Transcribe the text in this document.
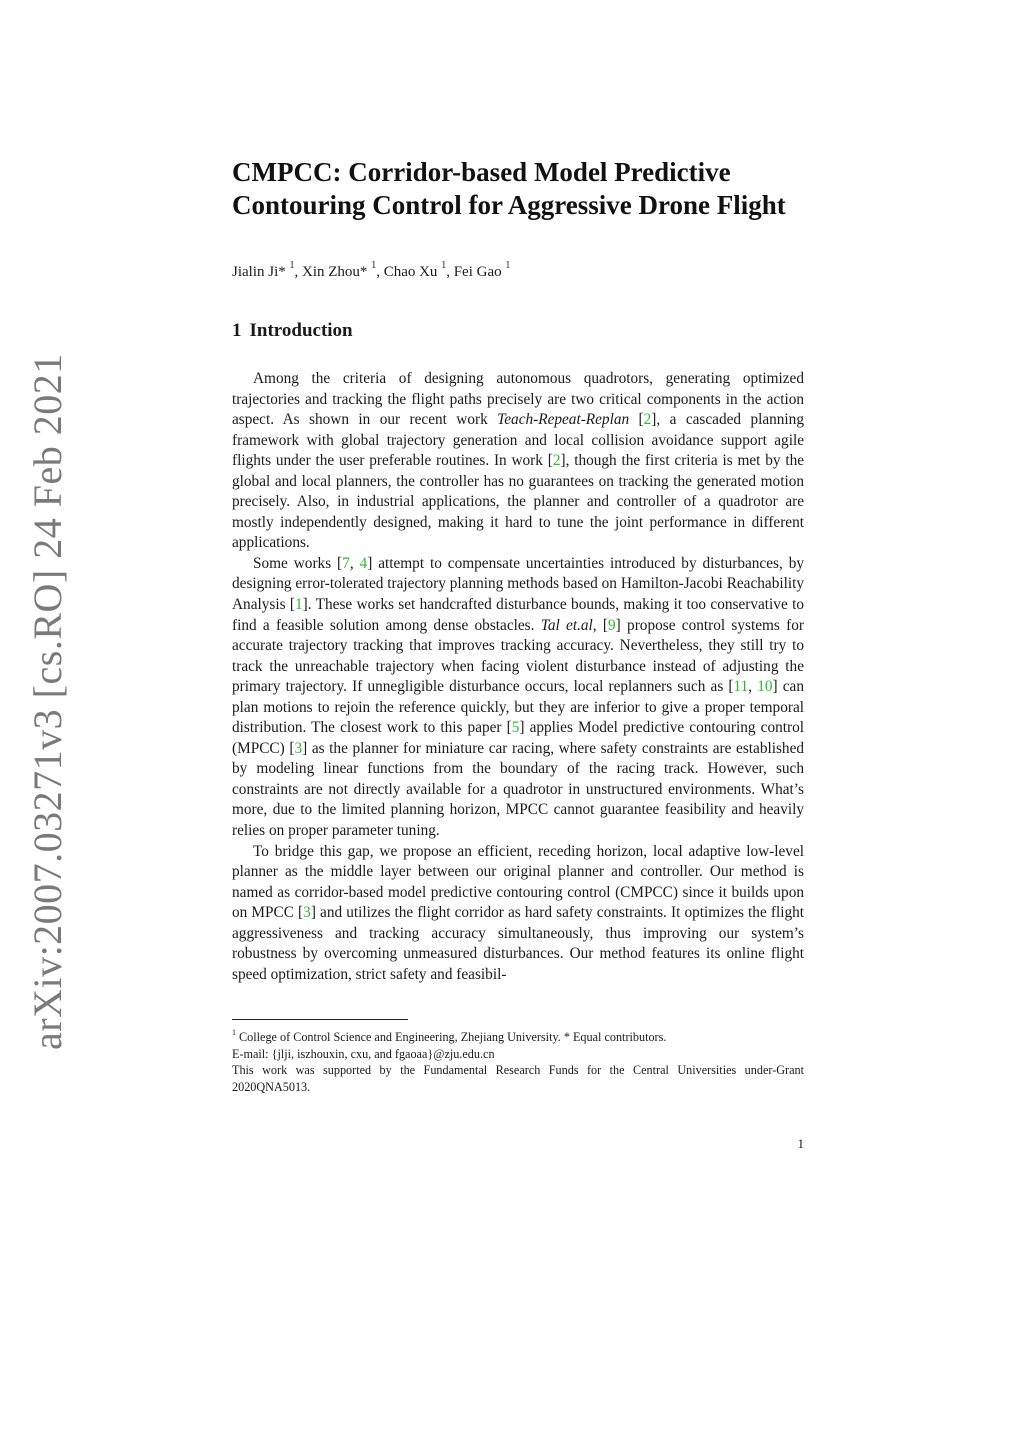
arXiv:2007.03271v3 [cs.RO] 24 Feb 2021
CMPCC: Corridor-based Model Predictive
Contouring Control for Aggressive Drone Flight
Jialin Ji* $^1$, Xin Zhou* $^1$, Chao Xu $^1$, Fei Gao $^1$
1 Introduction

Among the criteria of designing autonomous quadrotors, generating optimized trajectories and tracking the flight paths precisely are two critical components in the action aspect. As shown in our recent work Teach-Repeat-Replan [2], a cascaded planning framework with global trajectory generation and local collision avoidance support agile flights under the user preferable routines. In work [2], though the first criteria is met by the global and local planners, the controller has no guarantees on tracking the generated motion precisely. Also, in industrial applications, the planner and controller of a quadrotor are mostly independently designed, making it hard to tune the joint performance in different applications.

Some works [7, 4] attempt to compensate uncertainties introduced by disturbances, by designing error-tolerated trajectory planning methods based on Hamilton-Jacobi Reachability Analysis [1]. These works set handcrafted disturbance bounds, making it too conservative to find a feasible solution among dense obstacles. Tal et.al, [9] propose control systems for accurate trajectory tracking that improves tracking accuracy. Nevertheless, they still try to track the unreachable trajectory when facing violent disturbance instead of adjusting the primary trajectory. If unnegligible disturbance occurs, local replanners such as [11, 10] can plan motions to rejoin the reference quickly, but they are inferior to give a proper temporal distribution. The closest work to this paper [5] applies Model predictive contouring control (MPCC) [3] as the planner for miniature car racing, where safety constraints are established by modeling linear functions from the boundary of the racing track. However, such constraints are not directly available for a quadrotor in unstructured environments. What’s more, due to the limited planning horizon, MPCC cannot guarantee feasibility and heavily relies on proper parameter tuning.

To bridge this gap, we propose an efficient, receding horizon, local adaptive low-level planner as the middle layer between our original planner and controller. Our method is named as corridor-based model predictive contouring control (CMPCC) since it builds upon on MPCC [3] and utilizes the flight corridor as hard safety constraints. It optimizes the flight aggressiveness and tracking accuracy simultaneously, thus improving our system’s robustness by overcoming unmeasured disturbances. Our method features its online flight speed optimization, strict safety and feasibil-

$^1$ College of Control Science and Engineering, Zhejiang University. * Equal contributors.
E-mail: {jlji, iszhouxin, cxu, and fgaoaa}@zju.edu.cn
This work was supported by the Fundamental Research Funds for the Central Universities under-Grant 2020QNA5013.
1
